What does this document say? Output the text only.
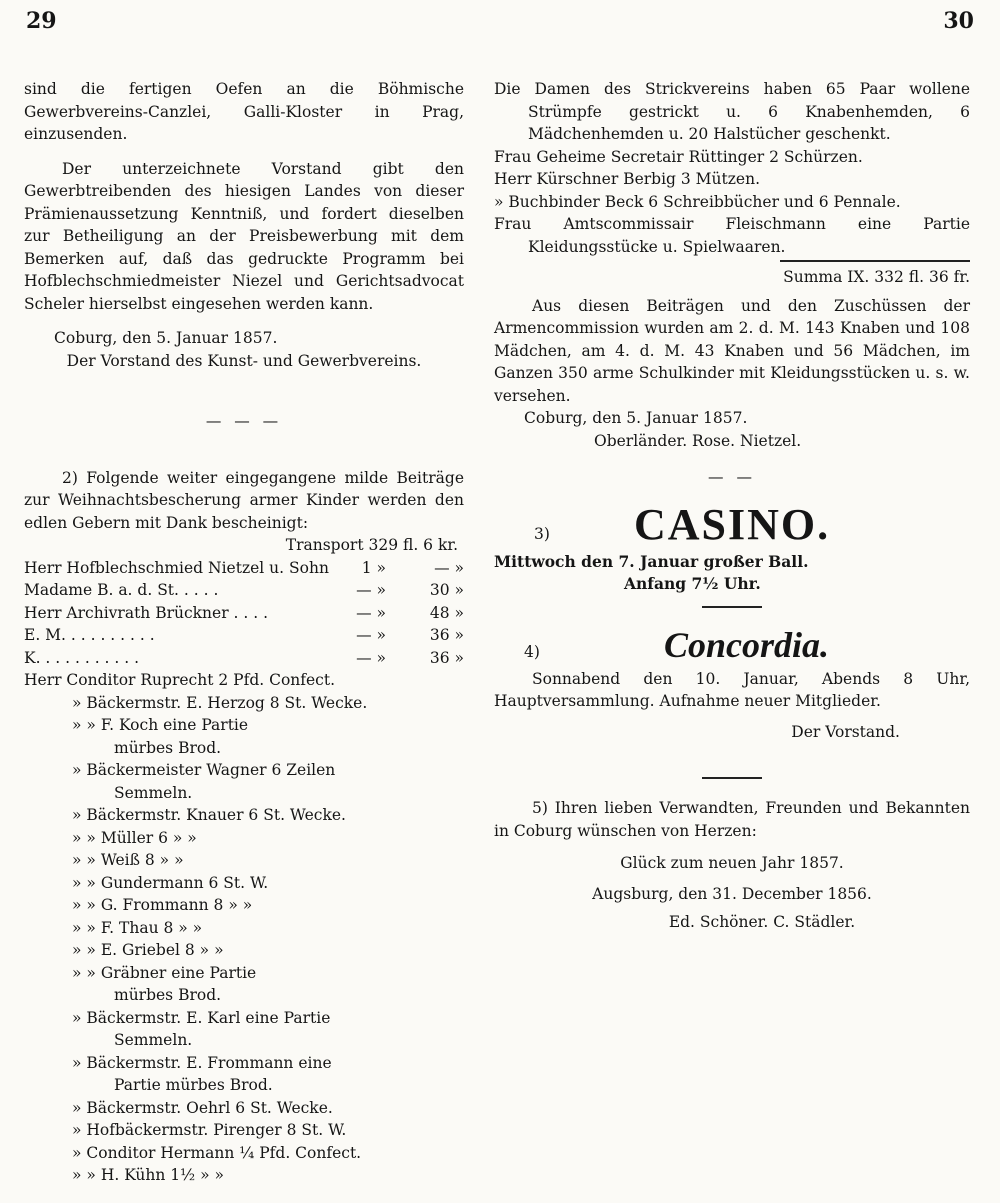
29	30

sind die fertigen Oefen an die Böhmische Gewerbvereins-Canzlei, Galli-Kloster in Prag, einzusenden.

Der unterzeichnete Vorstand gibt den Gewerbtreibenden des hiesigen Landes von dieser Prämienaussetzung Kenntniß, und fordert dieselben zur Betheiligung an der Preisbewerbung mit dem Bemerken auf, daß das gedruckte Programm bei Hofblechschmiedmeister Niezel und Gerichtsadvocat Scheler hierselbst eingesehen werden kann.

Coburg, den 5. Januar 1857.

Der Vorstand des Kunst- und Gewerbvereins.

— — —

2) Folgende weiter eingegangene milde Beiträge zur Weihnachtsbescherung armer Kinder werden den edlen Gebern mit Dank bescheinigt:

Transport 329 fl. 6 kr.

Herr Hofblechschmied Nietzel u. Sohn	1 »	— »
Madame B. a. d. St. . . . .	— »	30 »
Herr Archivrath Brückner . . . .	— »	48 »
E. M. . . . . . . . . .	— »	36 »
K. . . . . . . . . . .	— »	36 »

Herr Conditor Ruprecht 2 Pfd. Confect.

» Bäckermstr. E. Herzog 8 St. Wecke.

» » F. Koch eine Partie

mürbes Brod.

» Bäckermeister Wagner 6 Zeilen

Semmeln.

» Bäckermstr. Knauer 6 St. Wecke.

» » Müller 6 » »

» » Weiß 8 » »

» » Gundermann 6 St. W.

» » G. Frommann 8 » »

» » F. Thau 8 » »

» » E. Griebel 8 » »

» » Gräbner eine Partie

mürbes Brod.

» Bäckermstr. E. Karl eine Partie

Semmeln.

» Bäckermstr. E. Frommann eine

Partie mürbes Brod.

» Bäckermstr. Oehrl 6 St. Wecke.

» Hofbäckermstr. Pirenger 8 St. W.

» Conditor Hermann ¼ Pfd. Confect.

» » H. Kühn 1½ » »

Die Damen des Strickvereins haben 65 Paar wollene Strümpfe gestrickt u. 6 Knabenhemden, 6 Mädchenhemden u. 20 Halstücher geschenkt.

Frau Geheime Secretair Rüttinger 2 Schürzen.

Herr Kürschner Berbig 3 Mützen.

» Buchbinder Beck 6 Schreibbücher und 6 Pennale.

Frau Amtscommissair Fleischmann eine Partie Kleidungsstücke u. Spielwaaren.

Summa IX. 332 fl. 36 fr.

Aus diesen Beiträgen und den Zuschüssen der Armencommission wurden am 2. d. M. 143 Knaben und 108 Mädchen, am 4. d. M. 43 Knaben und 56 Mädchen, im Ganzen 350 arme Schulkinder mit Kleidungsstücken u. s. w. versehen.

Coburg, den 5. Januar 1857.

Oberländer. Rose. Nietzel.

— —
3)	CASINO.

Mittwoch den 7. Januar großer Ball.

Anfang 7½ Uhr.

4)	Concordia.

Sonnabend den 10. Januar, Abends 8 Uhr, Hauptversammlung. Aufnahme neuer Mitglieder.

Der Vorstand.

5) Ihren lieben Verwandten, Freunden und Bekannten in Coburg wünschen von Herzen:

Glück zum neuen Jahr 1857.

Augsburg, den 31. December 1856.

Ed. Schöner. C. Städler.
